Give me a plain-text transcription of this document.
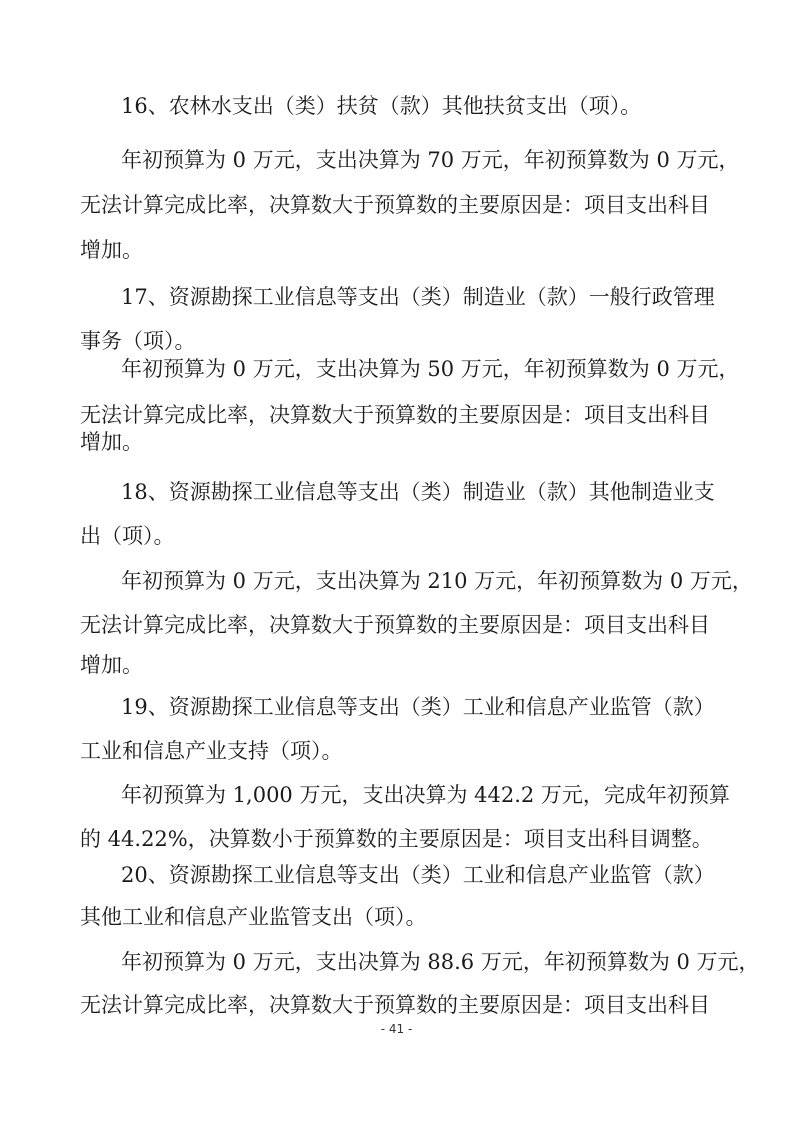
16、农林水支出（类）扶贫（款）其他扶贫支出（项）。
年初预算为 0 万元，支出决算为 70 万元，年初预算数为 0 万元，
无法计算完成比率，决算数大于预算数的主要原因是：项目支出科目
增加。
17、资源勘探工业信息等支出（类）制造业（款）一般行政管理
事务（项）。
年初预算为 0 万元，支出决算为 50 万元，年初预算数为 0 万元，
无法计算完成比率，决算数大于预算数的主要原因是：项目支出科目
增加。
18、资源勘探工业信息等支出（类）制造业（款）其他制造业支
出（项）。
年初预算为 0 万元，支出决算为 210 万元，年初预算数为 0 万元，
无法计算完成比率，决算数大于预算数的主要原因是：项目支出科目
增加。
19、资源勘探工业信息等支出（类）工业和信息产业监管（款）
工业和信息产业支持（项）。
年初预算为 1,000 万元，支出决算为 442.2 万元，完成年初预算
的 44.22%，决算数小于预算数的主要原因是：项目支出科目调整。
20、资源勘探工业信息等支出（类）工业和信息产业监管（款）
其他工业和信息产业监管支出（项）。
年初预算为 0 万元，支出决算为 88.6 万元，年初预算数为 0 万元，
无法计算完成比率，决算数大于预算数的主要原因是：项目支出科目
- 41 -
